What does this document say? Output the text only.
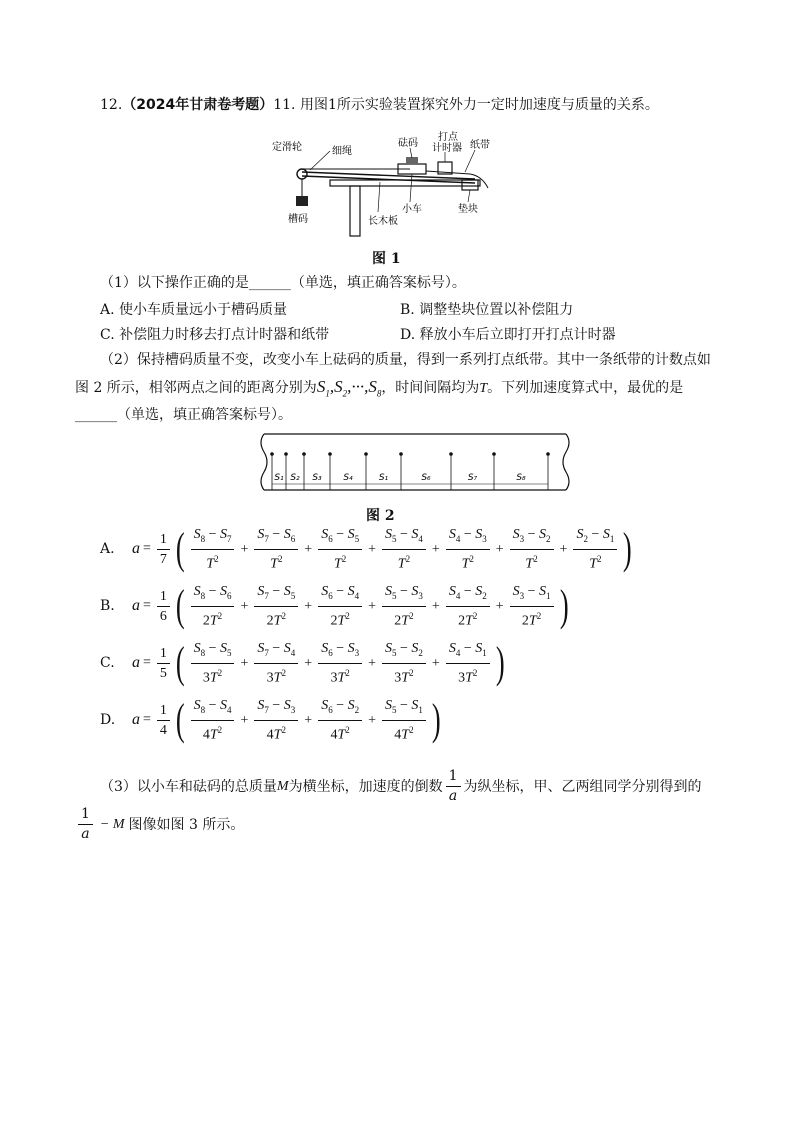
12.（2024年甘肃卷考题）11. 用图1所示实验装置探究外力一定时加速度与质量的关系。
定滑轮	细绳
砝码
打点
计时器 纸带
槽码
小车
长木板
垫块
图 1
（1）以下操作正确的是______（单选，填正确答案标号）。
A. 使小车质量远小于槽码质量	B. 调整垫块位置以补偿阻力
C. 补偿阻力时移去打点计时器和纸带	D. 释放小车后立即打开打点计时器
（2）保持槽码质量不变，改变小车上砝码的质量，得到一系列打点纸带。其中一条纸带的计数点如
图 2 所示，相邻两点之间的距离分别为$S_1,S_2,\cdot\cdot\cdot,S_8$，时间间隔均为T。下列加速度算式中，最优的是
______（单选，填正确答案标号）。
S₁ S₂ S₃ S₄	S₁	S₆	S₇	S₈
图 2
A.	$a = \frac{1}{7}$ ( $\frac{S_8 - S_7}{T^2} + \frac{S_7 - S_6}{T^2} + \frac{S_6 - S_5}{T^2} + \frac{S_5 - S_4}{T^2} + \frac{S_4 - S_3}{T^2} + \frac{S_3 - S_2}{T^2} + \frac{S_2 - S_1}{T^2}$ )
B.	$a = \frac{1}{6}$ ( $\frac{S_8 - S_6}{2T^2} + \frac{S_7 - S_5}{2T^2} + \frac{S_6 - S_4}{2T^2} + \frac{S_5 - S_3}{2T^2} + \frac{S_4 - S_2}{2T^2} + \frac{S_3 - S_1}{2T^2}$ )
C.	$a = \frac{1}{5}$ ( $\frac{S_8 - S_5}{3T^2} + \frac{S_7 - S_4}{3T^2} + \frac{S_6 - S_3}{3T^2} + \frac{S_5 - S_2}{3T^2} + \frac{S_4 - S_1}{3T^2}$ )
D.	$a = \frac{1}{4}$ ( $\frac{S_8 - S_4}{4T^2} + \frac{S_7 - S_3}{4T^2} + \frac{S_6 - S_2}{4T^2} + \frac{S_5 - S_1}{4T^2}$ )
（3）以小车和砝码的总质量 M 为横坐标，加速度的倒数 $\frac{1}{a}$ 为纵坐标，甲、乙两组同学分别得到的
$\frac{1}{a} - M$ 图像如图 3 所示。
